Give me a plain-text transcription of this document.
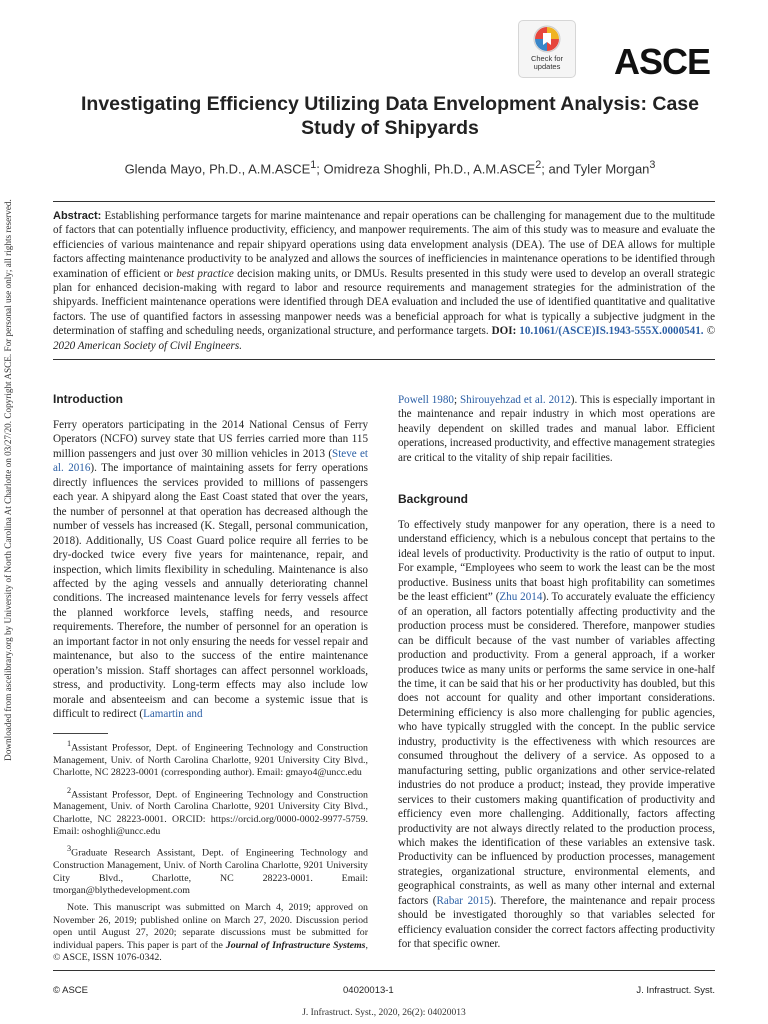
Downloaded from ascelibrary.org by University of North Carolina At Charlotte on 03/27/20. Copyright ASCE. For personal use only; all rights reserved.
Check for
updates	ASCE
Investigating Efficiency Utilizing Data Envelopment Analysis: Case Study of Shipyards
Glenda Mayo, Ph.D., A.M.ASCE$^1$; Omidreza Shoghli, Ph.D., A.M.ASCE$^2$; and Tyler Morgan$^3$
Abstract: Establishing performance targets for marine maintenance and repair operations can be challenging for management due to the multitude of factors that can potentially influence productivity, efficiency, and manpower requirements. The aim of this study was to measure and evaluate the efficiencies of various maintenance and repair shipyard operations using data envelopment analysis (DEA). The use of DEA allows for multiple factors affecting maintenance productivity to be analyzed and allows the sources of inefficiencies in maintenance operations to be identified through examination of efficient or best practice decision making units, or DMUs. Results presented in this study were used to develop an overall strategic plan for enhanced decision-making with regard to labor and resource requirements and management strategies for the administration of the shipyards. Inefficient maintenance operations were identified through DEA evaluation and included the use of identified quantitative and qualitative factors. The use of quantified factors in assessing manpower needs was a beneficial approach for what is typically a subjective judgment in the determination of staffing and scheduling needs, organizational structure, and performance targets. DOI: 10.1061/(ASCE)IS.1943-555X.0000541. © 2020 American Society of Civil Engineers.
Introduction

Ferry operators participating in the 2014 National Census of Ferry Operators (NCFO) survey state that US ferries carried more than 115 million passengers and just over 30 million vehicles in 2013 (Steve et al. 2016). The importance of maintaining assets for ferry operations directly influences the services provided to millions of passengers each year. A shipyard along the East Coast stated that over the years, the number of personnel at that operation has decreased although the number of vessels has increased (K. Stegall, personal communication, 2018). Additionally, US Coast Guard police require all ferries to be dry-docked twice every five years for maintenance, repair, and inspection, which limits flexibility in scheduling. Maintenance is also affected by the aging vessels and annually deteriorating channel conditions. The increased maintenance levels for ferry vessels affect the planned workforce levels, staffing needs, and resource requirements. Therefore, the number of personnel for an operation is an important factor in not only ensuring the needs for vessel repair and maintenance, but also to the success of the entire maintenance operation’s mission. Staff shortages can affect personnel workloads, stress, and productivity. Long-term effects may also include low morale and absenteeism and can become a systemic issue that is difficult to redirect (Lamartin and

$^1$Assistant Professor, Dept. of Engineering Technology and Construction Management, Univ. of North Carolina Charlotte, 9201 University City Blvd., Charlotte, NC 28223-0001 (corresponding author). Email: gmayo4@uncc.edu

$^2$Assistant Professor, Dept. of Engineering Technology and Construction Management, Univ. of North Carolina Charlotte, 9201 University City Blvd., Charlotte, NC 28223-0001. ORCID: https://orcid.org/0000-0002-9977-5759. Email: oshoghli@uncc.edu

$^3$Graduate Research Assistant, Dept. of Engineering Technology and Construction Management, Univ. of North Carolina Charlotte, 9201 University City Blvd., Charlotte, NC 28223-0001. Email: tmorgan@blythedevelopment.com

Note. This manuscript was submitted on March 4, 2019; approved on November 26, 2019; published online on March 27, 2020. Discussion period open until August 27, 2020; separate discussions must be submitted for individual papers. This paper is part of the Journal of Infrastructure Systems, © ASCE, ISSN 1076-0342.

Powell 1980; Shirouyehzad et al. 2012). This is especially important in the maintenance and repair industry in which most operations are heavily dependent on skilled trades and manual labor. Efficient operations, increased productivity, and effective management strategies are critical to the vitality of ship repair facilities.

Background

To effectively study manpower for any operation, there is a need to understand efficiency, which is a nebulous concept that pertains to the ideal levels of productivity. Productivity is the ratio of output to input. For example, “Employees who seem to work the least can be the most productive. Business units that boast high profitability can sometimes be the least efficient” (Zhu 2014). To accurately evaluate the efficiency of an operation, all factors potentially affecting productivity and the production process must be considered. Therefore, manpower studies can be difficult because of the vast number of variables affecting production and productivity. From a general approach, if a worker produces twice as many units or performs the same service in one-half the time, it can be said that his or her productivity has doubled, but this does not account for quality and other important considerations. Determining efficiency is also more challenging for public agencies, who have typically struggled with the concept. In the public service industry, productivity is the effectiveness with which resources are consumed throughout the delivery of a service. As opposed to a manufacturing setting, public organizations and other service-related industries do not produce a product; instead, they provide imperative services to their customers making quantification of productivity and efficiency even more challenging. Additionally, factors affecting productivity are not always directly related to the production process, which makes the identification of these variables an extensive task. Productivity can be influenced by production processes, management strategies, organizational structure, environmental elements, and geographical constraints, as well as many other internal and external factors (Rabar 2015). Therefore, the maintenance and repair process should be investigated thoroughly so that variables selected for efficiency evaluation consider the correct factors affecting productivity for that specific owner.

© ASCE	04020013-1	J. Infrastruct. Syst.
J. Infrastruct. Syst., 2020, 26(2): 04020013
